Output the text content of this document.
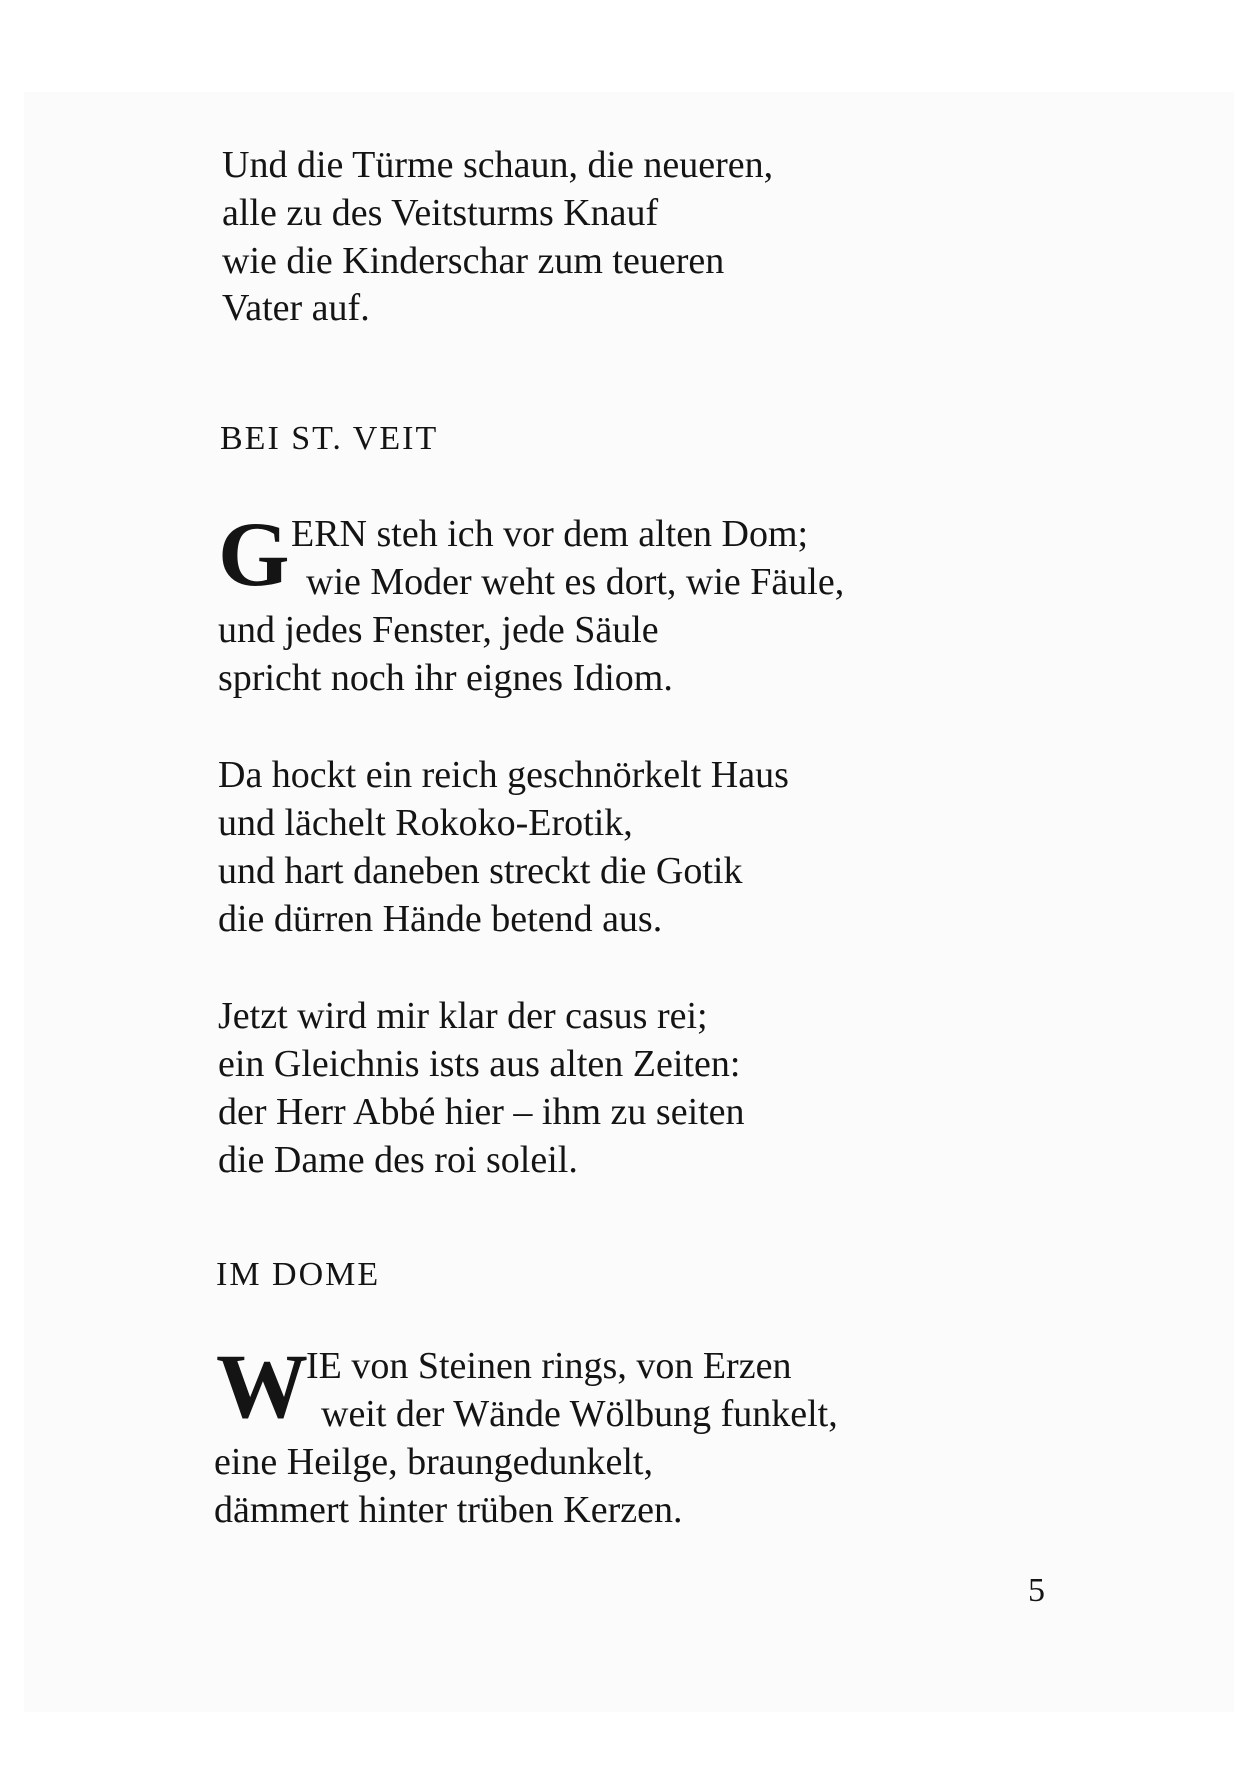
Und die Türme schaun, die neueren,
alle zu des Veitsturms Knauf
wie die Kinderschar zum teueren
Vater auf.
BEI ST. VEIT
G ERN steh ich vor dem alten Dom;
wie Moder weht es dort, wie Fäule,
und jedes Fenster, jede Säule
spricht noch ihr eignes Idiom.
Da hockt ein reich geschnörkelt Haus
und lächelt Rokoko-Erotik,
und hart daneben streckt die Gotik
die dürren Hände betend aus.
Jetzt wird mir klar der casus rei;
ein Gleichnis ists aus alten Zeiten:
der Herr Abbé hier – ihm zu seiten
die Dame des roi soleil.
IM DOME
W
IE von Steinen rings, von Erzen
weit der Wände Wölbung funkelt,
eine Heilge, braungedunkelt,
dämmert hinter trüben Kerzen.
5
